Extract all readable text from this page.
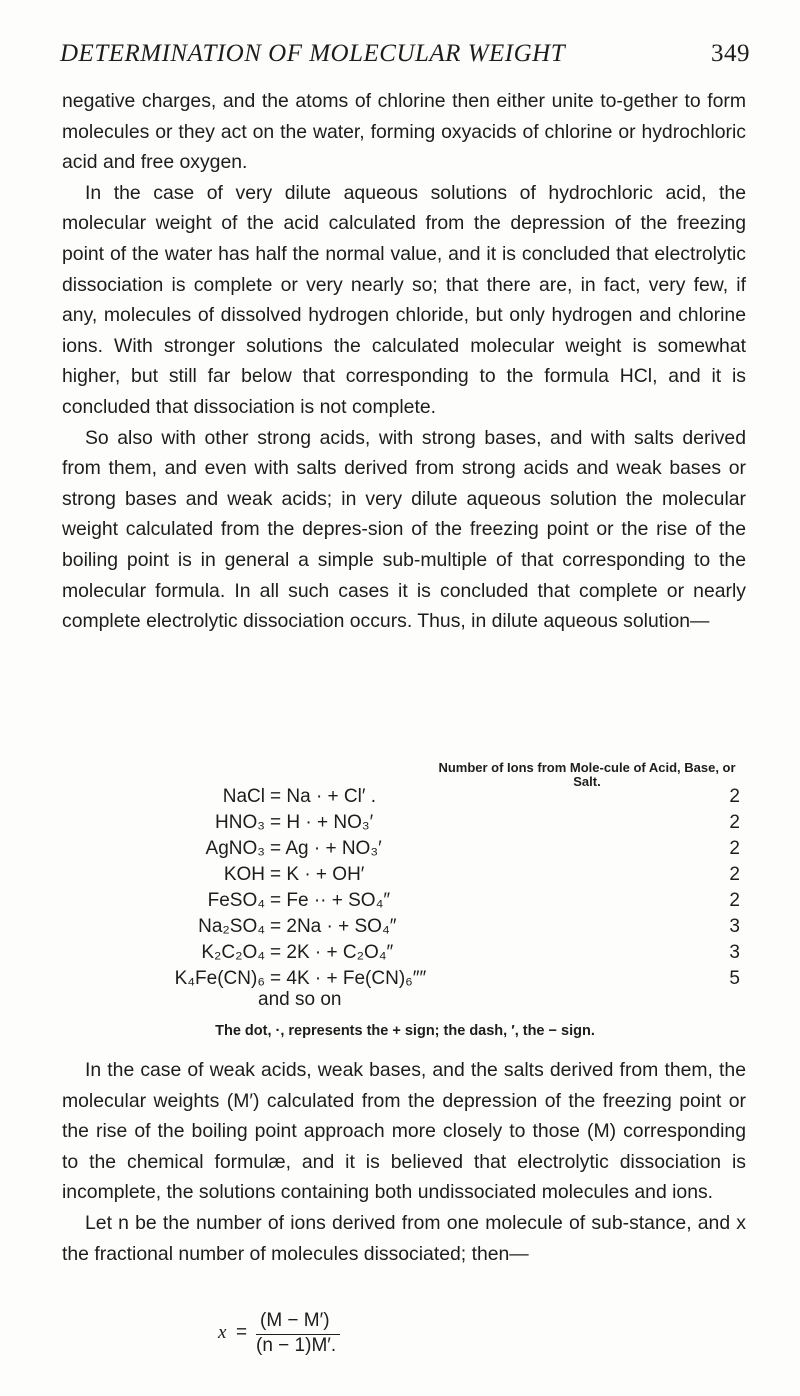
DETERMINATION OF MOLECULAR WEIGHT	349

negative charges, and the atoms of chlorine then either unite to-gether to form molecules or they act on the water, forming oxyacids of chlorine or hydrochloric acid and free oxygen.

In the case of very dilute aqueous solutions of hydrochloric acid, the molecular weight of the acid calculated from the depression of the freezing point of the water has half the normal value, and it is concluded that electrolytic dissociation is complete or very nearly so; that there are, in fact, very few, if any, molecules of dissolved hydrogen chloride, but only hydrogen and chlorine ions. With stronger solutions the calculated molecular weight is somewhat higher, but still far below that corresponding to the formula HCl, and it is concluded that dissociation is not complete.

So also with other strong acids, with strong bases, and with salts derived from them, and even with salts derived from strong acids and weak bases or strong bases and weak acids; in very dilute aqueous solution the molecular weight calculated from the depres-sion of the freezing point or the rise of the boiling point is in general a simple sub-multiple of that corresponding to the molecular formula. In all such cases it is concluded that complete or nearly complete electrolytic dissociation occurs. Thus, in dilute aqueous solution—

Number of Ions from Mole-cule of Acid, Base, or Salt.
NaCl = Na · + Cl′ .	2
HNO₃ = H · + NO₃′	2
AgNO₃ = Ag · + NO₃′	2
KOH = K · + OH′	2
FeSO₄ = Fe ·· + SO₄″	2
Na₂SO₄ = 2Na · + SO₄″	3
K₂C₂O₄ = 2K · + C₂O₄″	3
K₄Fe(CN)₆ = 4K · + Fe(CN)₆″″	5
and so on
The dot, ·, represents the + sign; the dash, ′, the − sign.

In the case of weak acids, weak bases, and the salts derived from them, the molecular weights (M′) calculated from the depression of the freezing point or the rise of the boiling point approach more closely to those (M) corresponding to the chemical formulæ, and it is believed that electrolytic dissociation is incomplete, the solutions containing both undissociated molecules and ions.

Let n be the number of ions derived from one molecule of sub-stance, and x the fractional number of molecules dissociated; then—

x =
(M − M′)
(n − 1)M′.
